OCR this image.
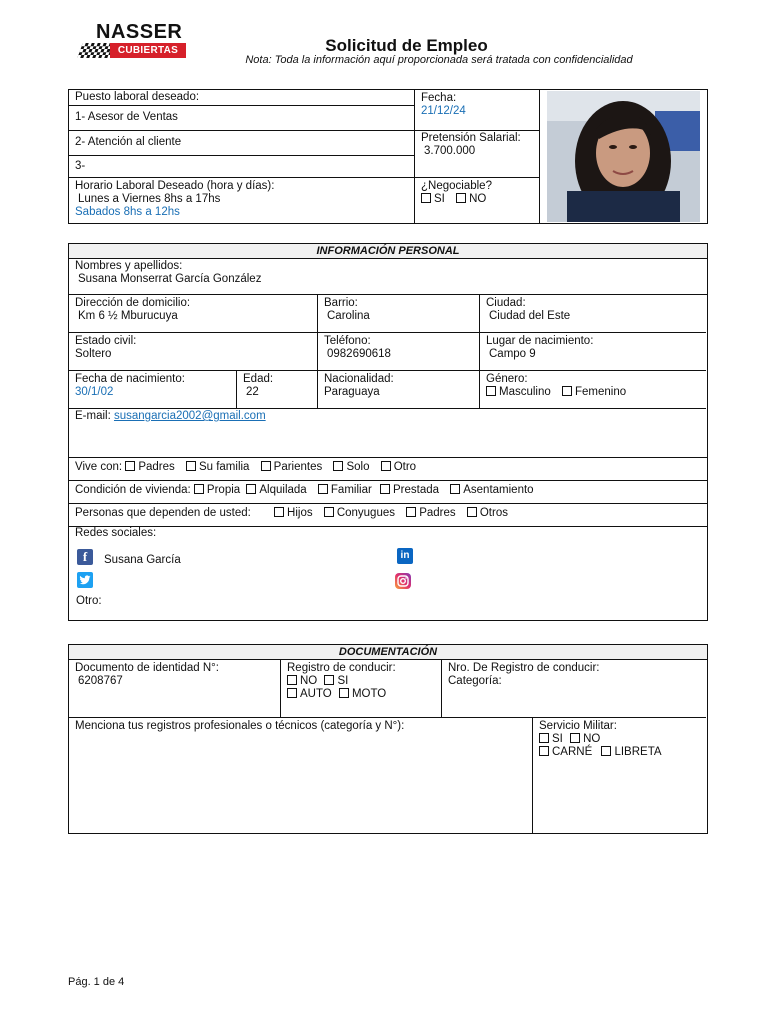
NASSER
CUBIERTAS	Solicitud de Empleo
Nota: Toda la información aquí proporcionada será tratada con confidencialidad
Puesto laboral deseado:
1- Asesor de Ventas
2- Atención al cliente
3-
Horario Laboral Deseado (hora y días):
Lunes a Viernes 8hs a 17hs
Sabados 8hs a 12hs
Fecha:
21/12/24
Pretensión Salarial:
3.700.000
¿Negociable?
SI NO
INFORMACIÓN PERSONAL
Nombres y apellidos:
Susana Monserrat García González
Dirección de domicilio:
Km 6 ½ Mburucuya
Barrio:
Carolina
Ciudad:
Ciudad del Este
Estado civil:
Soltero
Teléfono:
0982690618
Lugar de nacimiento:
Campo 9
Fecha de nacimiento:
30/1/02
Edad:
22
Nacionalidad:
Paraguaya
Género:
Masculino Femenino
E-mail: susangarcia2002@gmail.com
Vive con: Padres Su familia Parientes Solo Otro
Condición de vivienda: Propia Alquilada Familiar Prestada Asentamiento
Personas que dependen de usted:	Hijos Conyugues Padres Otros
Redes sociales:
f	Susana García	in
Otro:
DOCUMENTACIÓN
Documento de identidad N°:
6208767
Registro de conducir:
NO SI
AUTO MOTO
Nro. De Registro de conducir:
Categoría:
Menciona tus registros profesionales o técnicos (categoría y N°):	Servicio Militar:
SI NO
CARNÉ LIBRETA
Pág. 1 de 4
